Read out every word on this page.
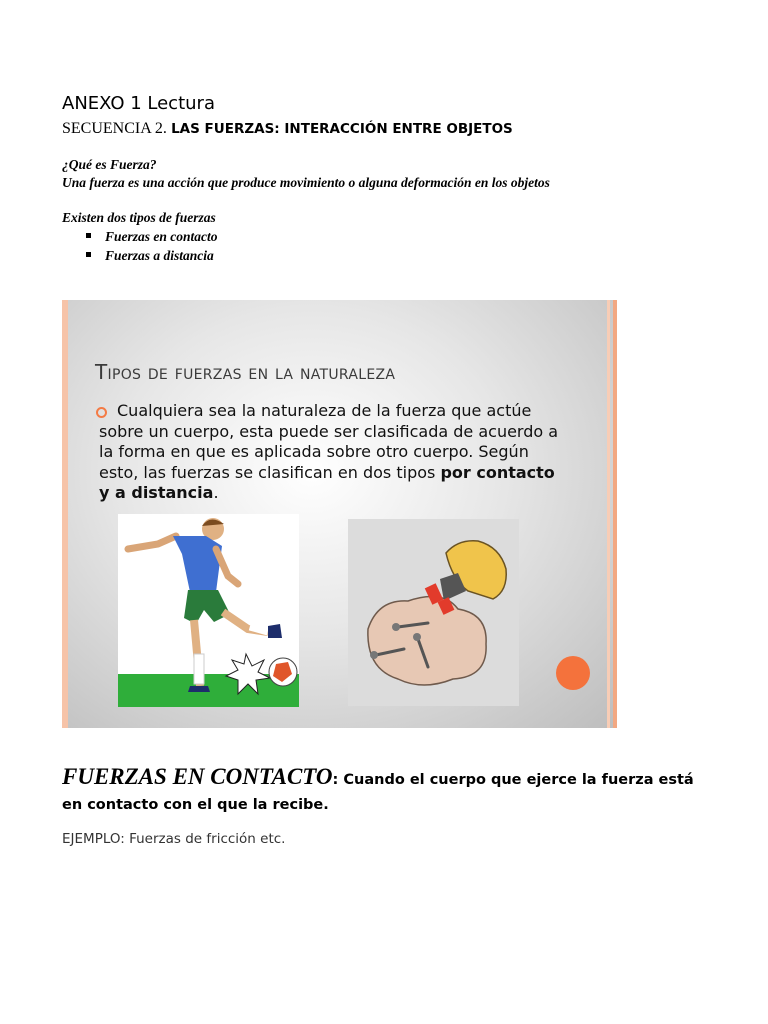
ANEXO 1 Lectura
SECUENCIA 2. LAS FUERZAS: INTERACCIÓN ENTRE OBJETOS
¿Qué es Fuerza?
Una fuerza es una acción que produce movimiento o alguna deformación en los objetos
Existen dos tipos de fuerzas
Fuerzas en contacto
Fuerzas a distancia
Tipos de fuerzas en la naturaleza
Cualquiera sea la naturaleza de la fuerza que actúe sobre un cuerpo, esta puede ser clasificada de acuerdo a la forma en que es aplicada sobre otro cuerpo. Según esto, las fuerzas se clasifican en dos tipos por contacto y a distancia.
FUERZAS EN CONTACTO: Cuando el cuerpo que ejerce la fuerza está en contacto con el que la recibe.
EJEMPLO: Fuerzas de fricción etc.
